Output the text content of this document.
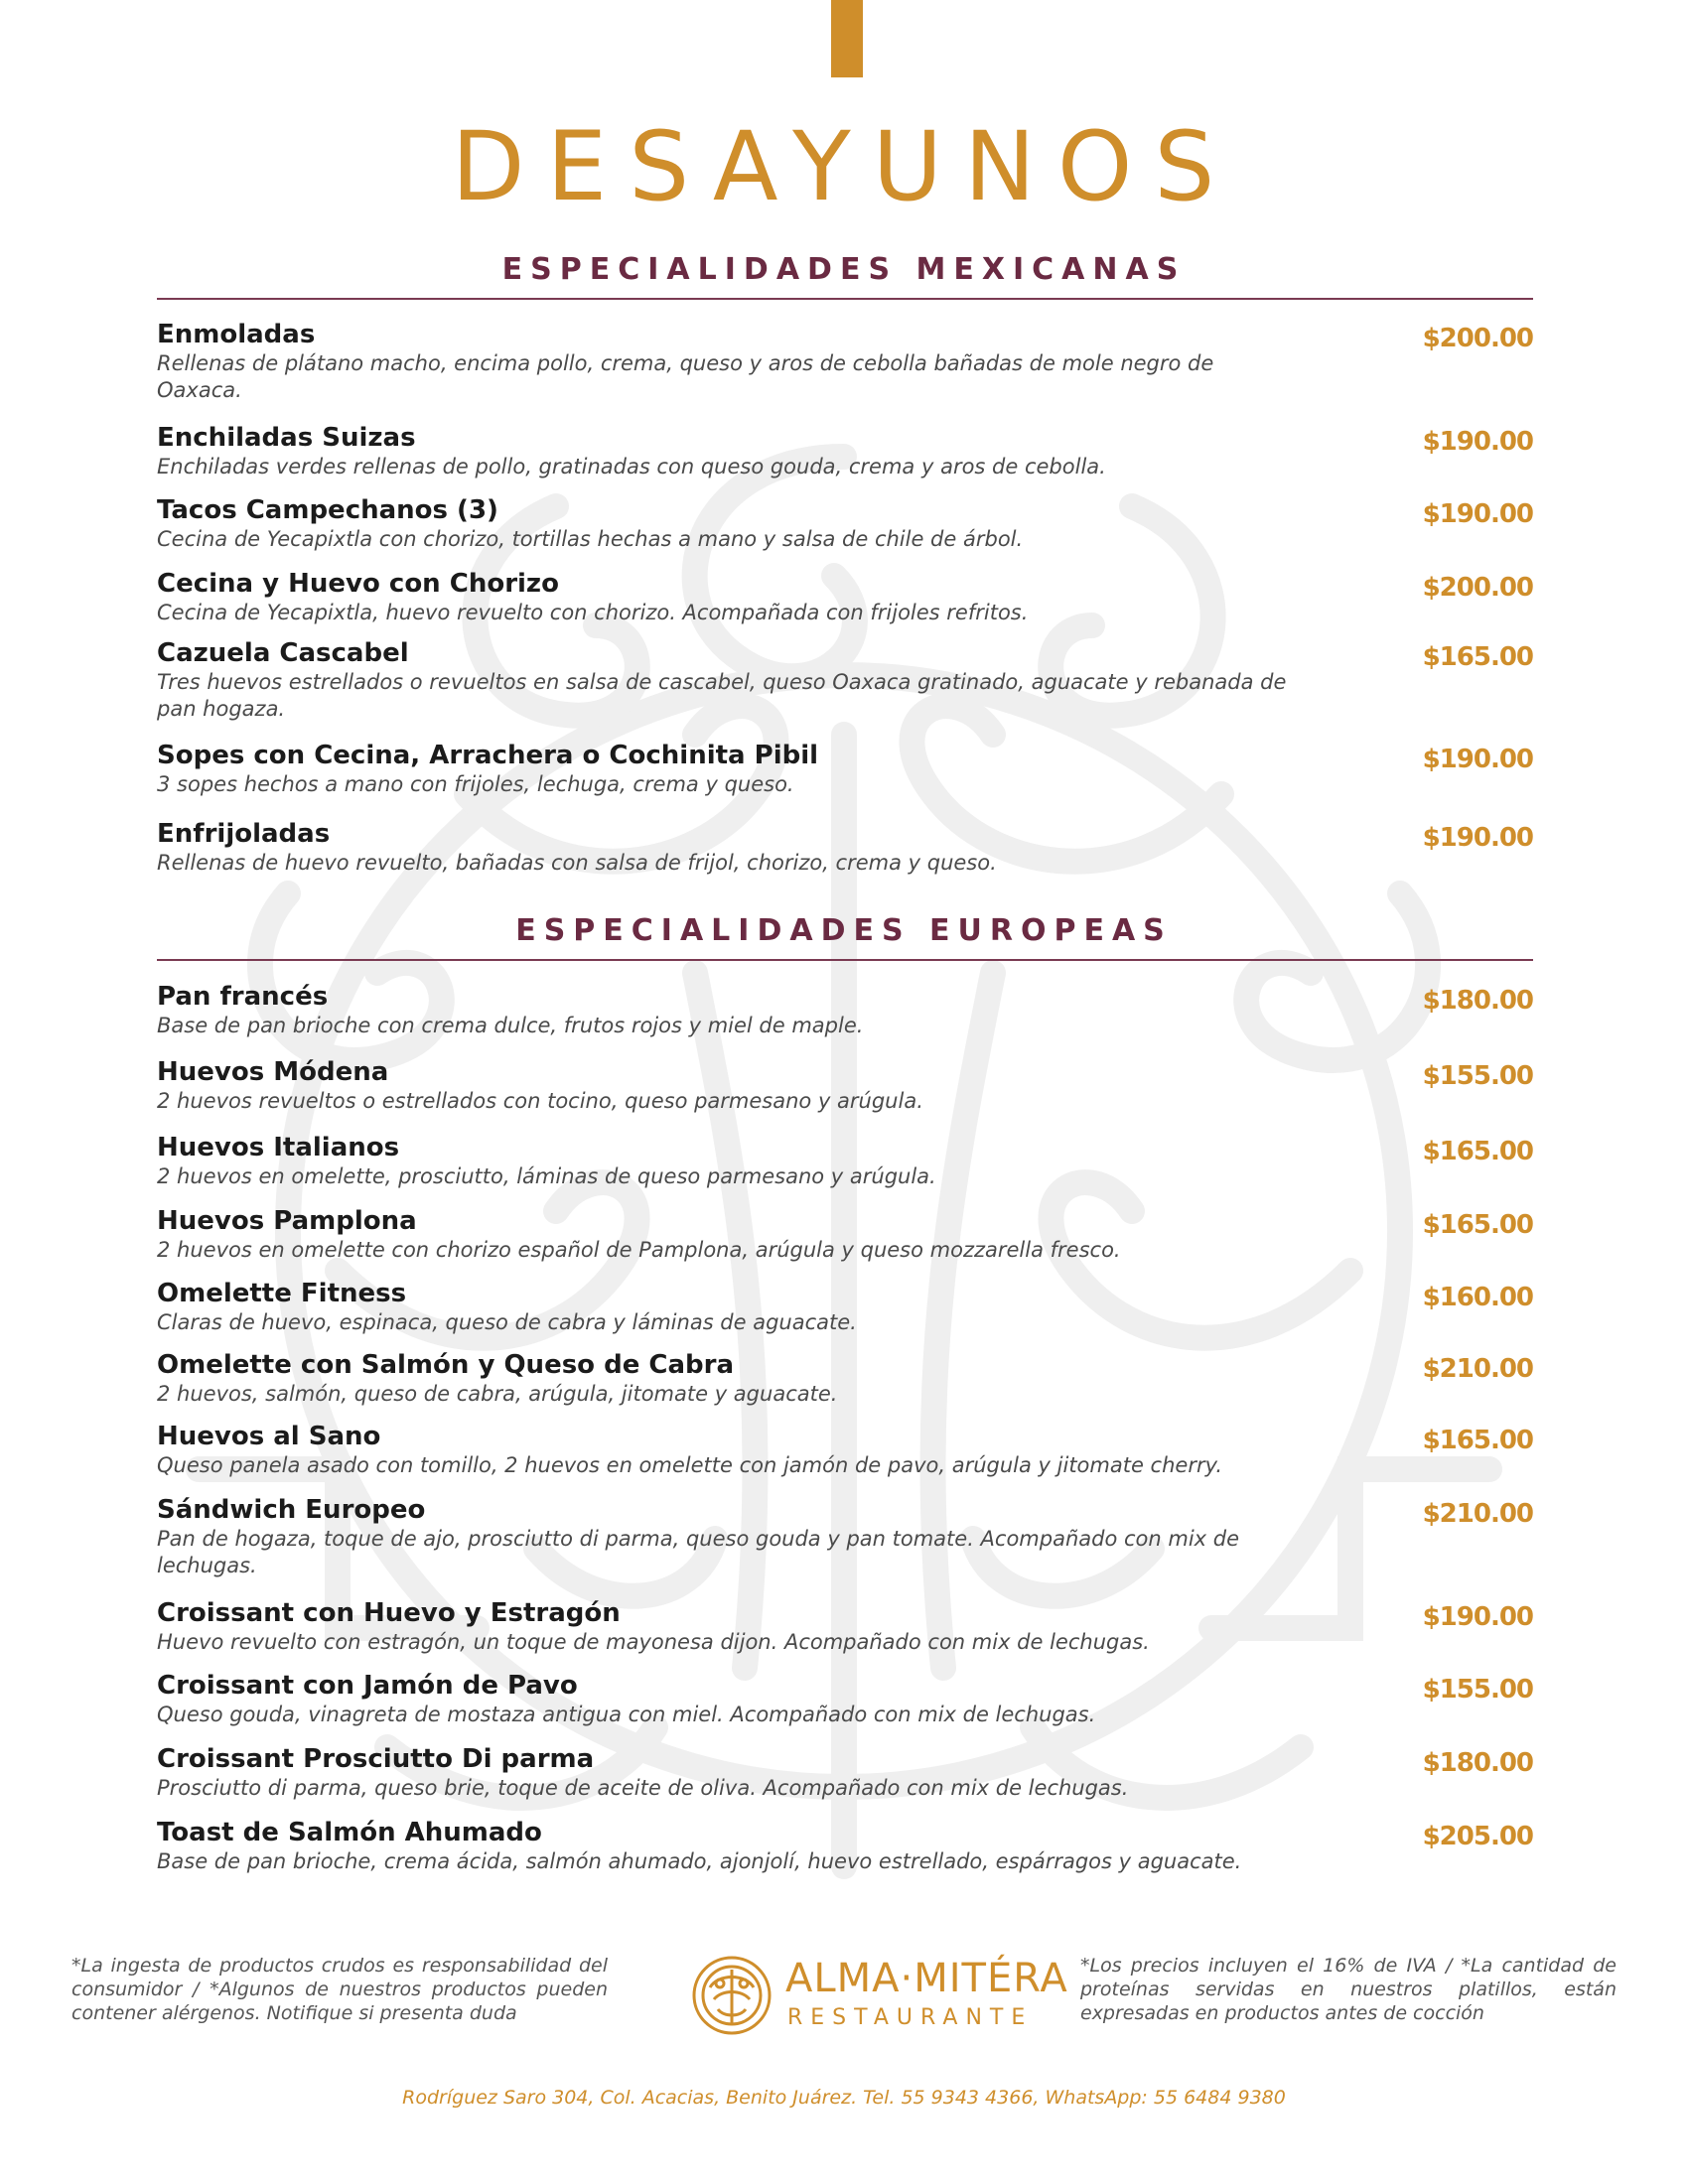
DESAYUNOS
ESPECIALIDADES MEXICANAS
Enmoladas
Rellenas de plátano macho, encima pollo, crema, queso y aros de cebolla bañadas de mole negro de Oaxaca.
$200.00
Enchiladas Suizas
Enchiladas verdes rellenas de pollo, gratinadas con queso gouda, crema y aros de cebolla.
$190.00
Tacos Campechanos (3)
Cecina de Yecapixtla con chorizo, tortillas hechas a mano y salsa de chile de árbol.
$190.00
Cecina y Huevo con Chorizo
Cecina de Yecapixtla, huevo revuelto con chorizo. Acompañada con frijoles refritos.
$200.00
Cazuela Cascabel
Tres huevos estrellados o revueltos en salsa de cascabel, queso Oaxaca gratinado, aguacate y rebanada de pan hogaza.
$165.00
Sopes con Cecina, Arrachera o Cochinita Pibil
3 sopes hechos a mano con frijoles, lechuga, crema y queso.
$190.00
Enfrijoladas
Rellenas de huevo revuelto, bañadas con salsa de frijol, chorizo, crema y queso.
$190.00
ESPECIALIDADES EUROPEAS
Pan francés
Base de pan brioche con crema dulce, frutos rojos y miel de maple.
$180.00
Huevos Módena
2 huevos revueltos o estrellados con tocino, queso parmesano y arúgula.
$155.00
Huevos Italianos
2 huevos en omelette, prosciutto, láminas de queso parmesano y arúgula.
$165.00
Huevos Pamplona
2 huevos en omelette con chorizo español de Pamplona, arúgula y queso mozzarella fresco.
$165.00
Omelette Fitness
Claras de huevo, espinaca, queso de cabra y láminas de aguacate.
$160.00
Omelette con Salmón y Queso de Cabra
2 huevos, salmón, queso de cabra, arúgula, jitomate y aguacate.
$210.00
Huevos al Sano
Queso panela asado con tomillo, 2 huevos en omelette con jamón de pavo, arúgula y jitomate cherry.
$165.00
Sándwich Europeo
Pan de hogaza, toque de ajo, prosciutto di parma, queso gouda y pan tomate. Acompañado con mix de lechugas.
$210.00
Croissant con Huevo y Estragón
Huevo revuelto con estragón, un toque de mayonesa dijon. Acompañado con mix de lechugas.
$190.00
Croissant con Jamón de Pavo
Queso gouda, vinagreta de mostaza antigua con miel. Acompañado con mix de lechugas.
$155.00
Croissant Prosciutto Di parma
Prosciutto di parma, queso brie, toque de aceite de oliva. Acompañado con mix de lechugas.
$180.00
Toast de Salmón Ahumado
Base de pan brioche, crema ácida, salmón ahumado, ajonjolí, huevo estrellado, espárragos y aguacate.
$205.00
*La ingesta de productos crudos es responsabilidad del consumidor / *Algunos de nuestros productos pueden contener alérgenos. Notifique si presenta duda
ALMA·MITÉRA
RESTAURANTE
*Los precios incluyen el 16% de IVA / *La cantidad de proteínas servidas en nuestros platillos, están expresadas en productos antes de cocción
Rodríguez Saro 304, Col. Acacias, Benito Juárez. Tel. 55 9343 4366, WhatsApp: 55 6484 9380
